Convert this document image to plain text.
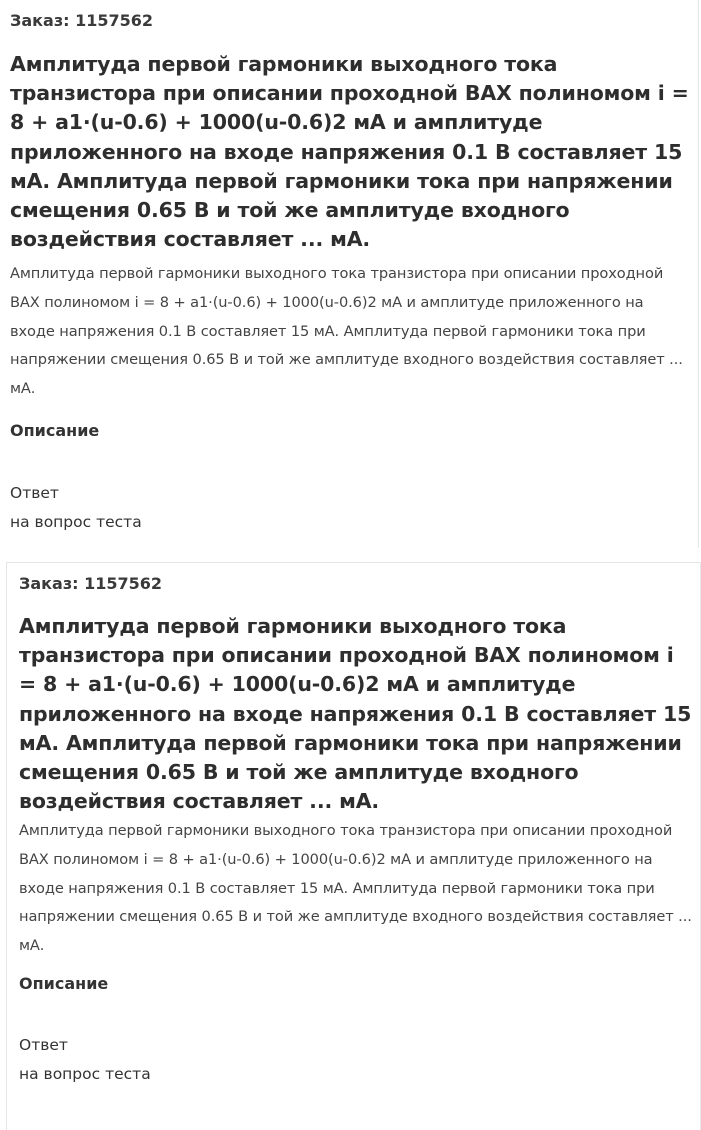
Заказ: 1157562
Амплитуда первой гармоники выходного тока транзистора при описании проходной ВАХ полиномом i = 8 + a1·(u-0.6) + 1000(u-0.6)2 мА и амплитуде приложенного на входе напряжения 0.1 В составляет 15 мА. Амплитуда первой гармоники тока при напряжении смещения 0.65 В и той же амплитуде входного воздействия составляет ... мА.

Амплитуда первой гармоники выходного тока транзистора при описании проходной ВАХ полиномом i = 8 + a1·(u-0.6) + 1000(u-0.6)2 мА и амплитуде приложенного на входе напряжения 0.1 В составляет 15 мА. Амплитуда первой гармоники тока при напряжении смещения 0.65 В и той же амплитуде входного воздействия составляет ... мА.

Описание
Ответ
на вопрос теста
Заказ: 1157562
Амплитуда первой гармоники выходного тока транзистора при описании проходной ВАХ полиномом i = 8 + a1·(u-0.6) + 1000(u-0.6)2 мА и амплитуде приложенного на входе напряжения 0.1 В составляет 15 мА. Амплитуда первой гармоники тока при напряжении смещения 0.65 В и той же амплитуде входного воздействия составляет ... мА.

Амплитуда первой гармоники выходного тока транзистора при описании проходной ВАХ полиномом i = 8 + a1·(u-0.6) + 1000(u-0.6)2 мА и амплитуде приложенного на входе напряжения 0.1 В составляет 15 мА. Амплитуда первой гармоники тока при напряжении смещения 0.65 В и той же амплитуде входного воздействия составляет ... мА.

Описание
Ответ
на вопрос теста
